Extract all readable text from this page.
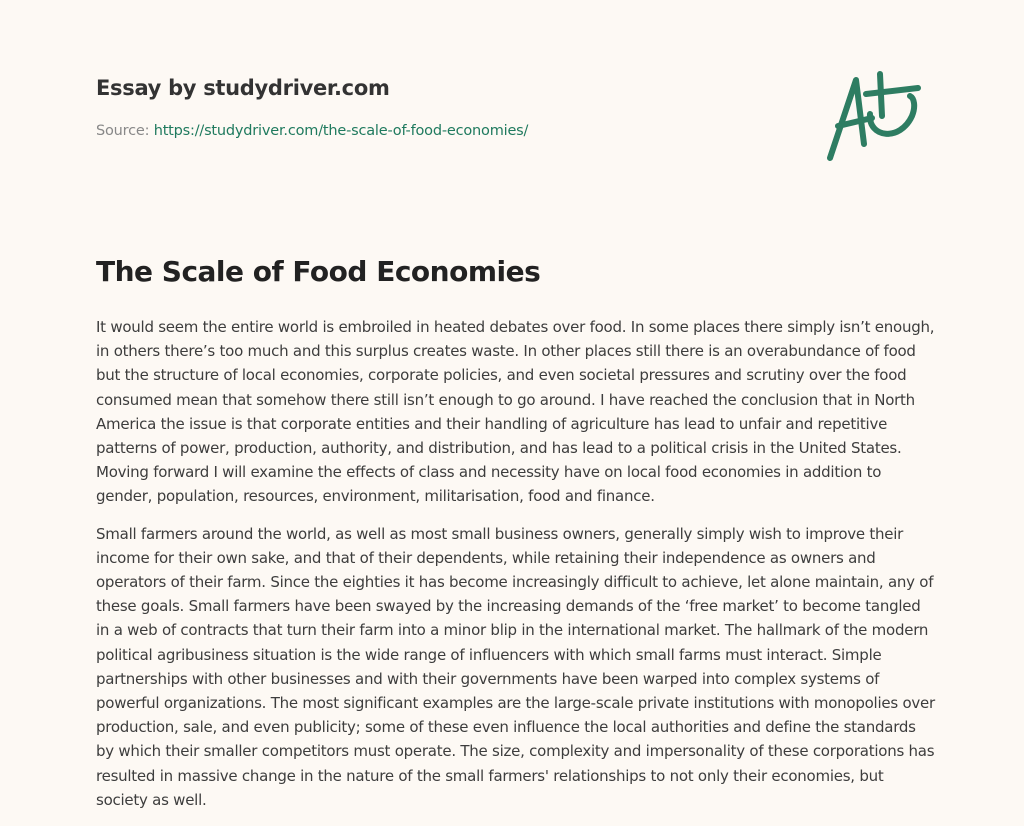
Essay by studydriver.com
Source: https://studydriver.com/the-scale-of-food-economies/
The Scale of Food Economies

It would seem the entire world is embroiled in heated debates over food. In some places there simply isn’t enough, in others there’s too much and this surplus creates waste. In other places still there is an overabundance of food but the structure of local economies, corporate policies, and even societal pressures and scrutiny over the food consumed mean that somehow there still isn’t enough to go around. I have reached the conclusion that in North America the issue is that corporate entities and their handling of agriculture has lead to unfair and repetitive patterns of power, production, authority, and distribution, and has lead to a political crisis in the United States. Moving forward I will examine the effects of class and necessity have on local food economies in addition to gender, population, resources, environment, militarisation, food and finance.

Small farmers around the world, as well as most small business owners, generally simply wish to improve their income for their own sake, and that of their dependents, while retaining their independence as owners and operators of their farm. Since the eighties it has become increasingly difficult to achieve, let alone maintain, any of these goals. Small farmers have been swayed by the increasing demands of the ‘free market’ to become tangled in a web of contracts that turn their farm into a minor blip in the international market. The hallmark of the modern political agribusiness situation is the wide range of influencers with which small farms must interact. Simple partnerships with other businesses and with their governments have been warped into complex systems of powerful organizations. The most significant examples are the large-scale private institutions with monopolies over production, sale, and even publicity; some of these even influence the local authorities and define the standards by which their smaller competitors must operate. The size, complexity and impersonality of these corporations has resulted in massive change in the nature of the small farmers' relationships to not only their economies, but society as well.
